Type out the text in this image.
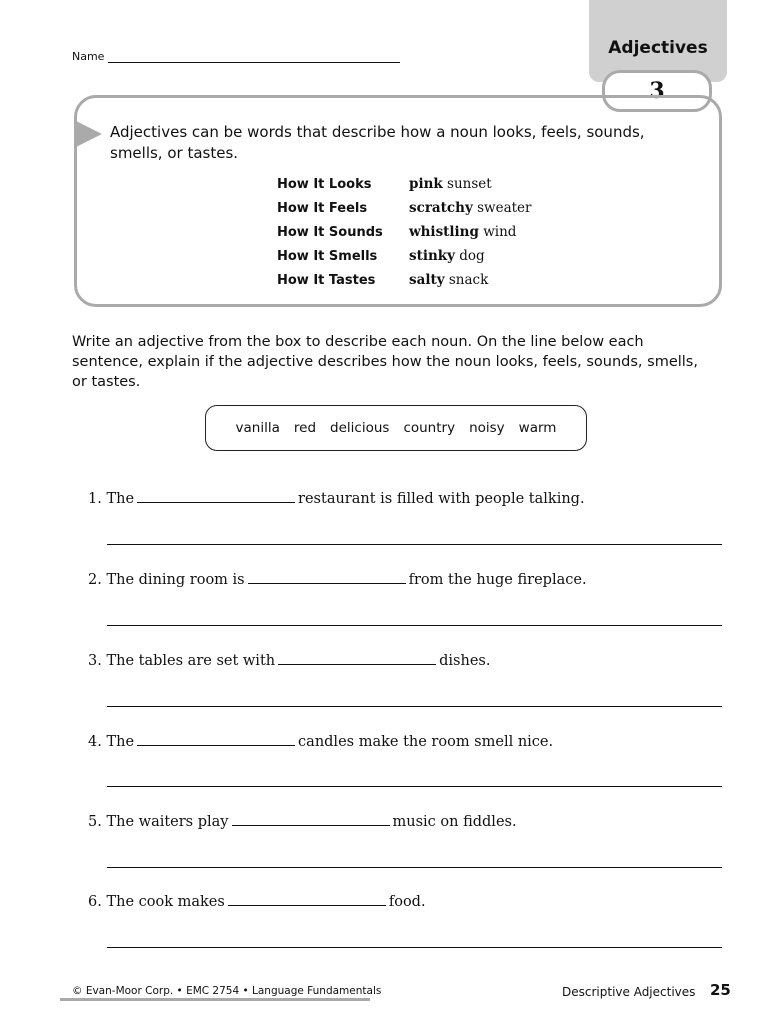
Name	Adjectives
3
Adjectives can be words that describe how a noun looks, feels, sounds, smells, or tastes.
How It Looks	pink sunset
How It Feels	scratchy sweater
How It Sounds	whistling wind
How It Smells	stinky dog
How It Tastes	salty snack
Write an adjective from the box to describe each noun. On the line below each sentence, explain if the adjective describes how the noun looks, feels, sounds, smells, or tastes.
vanilla red delicious country noisy warm
1. The	restaurant is filled with people talking.
2. The dining room is	from the huge fireplace.
3. The tables are set with	dishes.
4. The	candles make the room smell nice.
5. The waiters play	music on fiddles.
6. The cook makes	food.
© Evan-Moor Corp. • EMC 2754 • Language Fundamentals	Descriptive Adjectives 25
